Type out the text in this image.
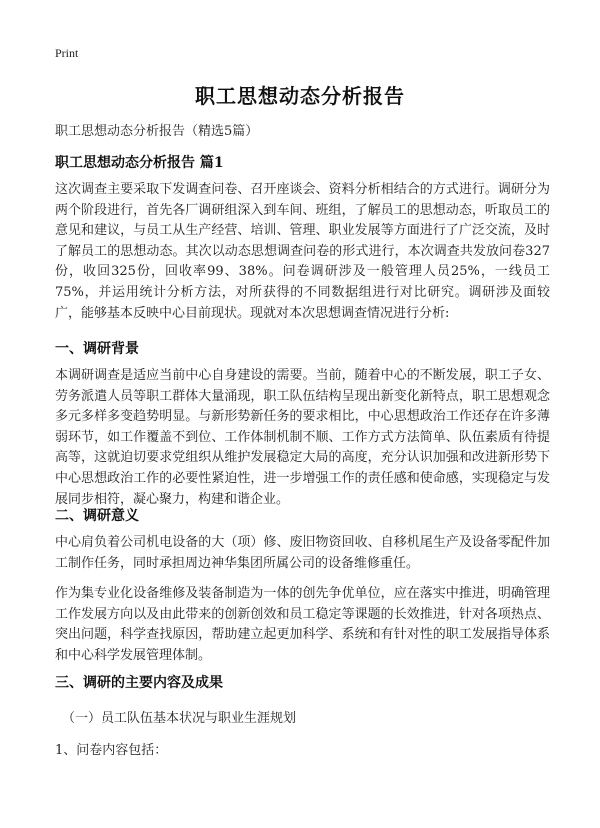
Print
职工思想动态分析报告
职工思想动态分析报告（精选5篇）
职工思想动态分析报告 篇1

这次调查主要采取下发调查问卷、召开座谈会、资料分析相结合的方式进行。调研分为两个阶段进行，首先各厂调研组深入到车间、班组，了解员工的思想动态，听取员工的意见和建议，与员工从生产经营、培训、管理、职业发展等方面进行了广泛交流，及时了解员工的思想动态。其次以动态思想调查问卷的形式进行，本次调查共发放问卷327份，收回325份，回收率99、38%。问卷调研涉及一般管理人员25%，一线员工75%，并运用统计分析方法，对所获得的不同数据组进行对比研究。调研涉及面较广，能够基本反映中心目前现状。现就对本次思想调查情况进行分析:

一、调研背景

本调研调查是适应当前中心自身建设的需要。当前，随着中心的不断发展，职工子女、劳务派遣人员等职工群体大量涌现，职工队伍结构呈现出新变化新特点，职工思想观念多元多样多变趋势明显。与新形势新任务的要求相比，中心思想政治工作还存在许多薄弱环节，如工作覆盖不到位、工作体制机制不顺、工作方式方法简单、队伍素质有待提高等，这就迫切要求党组织从维护发展稳定大局的高度，充分认识加强和改进新形势下中心思想政治工作的必要性紧迫性，进一步增强工作的责任感和使命感，实现稳定与发展同步相符，凝心聚力，构建和谐企业。

二、调研意义

中心肩负着公司机电设备的大（项）修、废旧物资回收、自移机尾生产及设备零配件加工制作任务，同时承担周边神华集团所属公司的设备维修重任。

作为集专业化设备维修及装备制造为一体的创先争优单位，应在落实中推进，明确管理工作发展方向以及由此带来的创新创效和员工稳定等课题的长效推进，针对各项热点、突出问题，科学查找原因，帮助建立起更加科学、系统和有针对性的职工发展指导体系和中心科学发展管理体制。

三、调研的主要内容及成果
（一）员工队伍基本状况与职业生涯规划
1、问卷内容包括：
